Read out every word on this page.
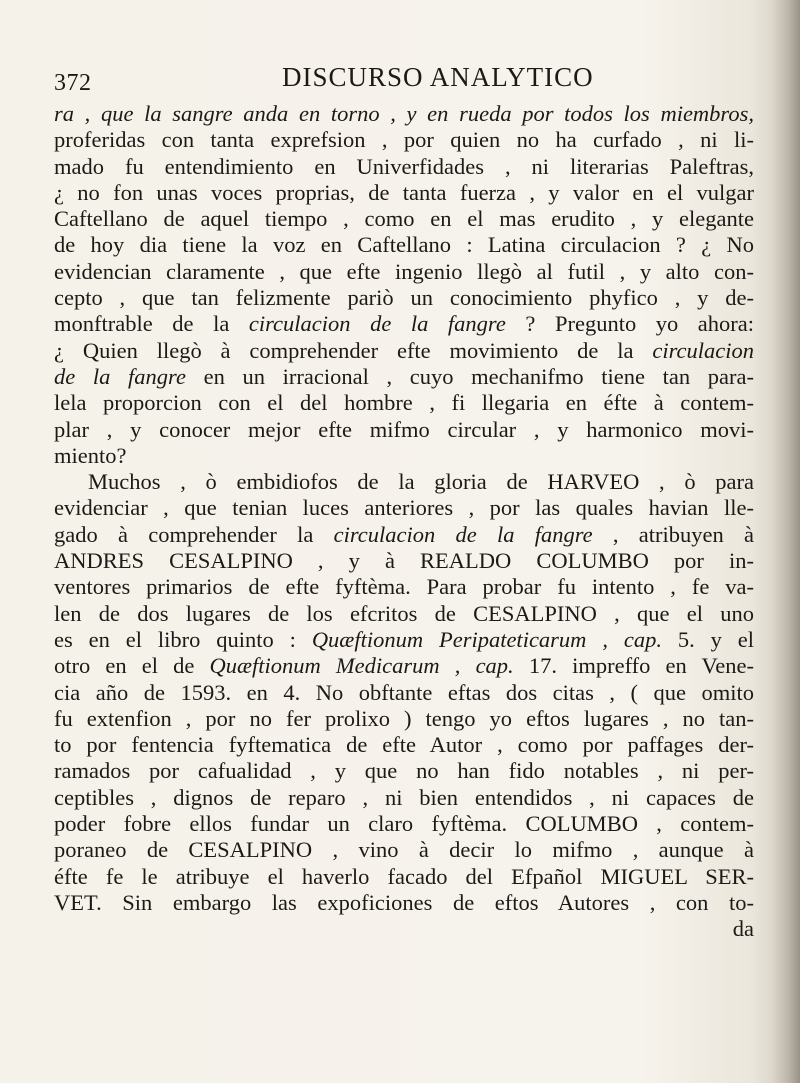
372	DISCURSO ANALYTICO
ra , que la sangre anda en torno , y en rueda por todos los miembros,
proferidas con tanta exprefsion , por quien no ha curfado , ni li-
mado fu entendimiento en Univerfidades , ni literarias Paleftras,
¿ no fon unas voces proprias, de tanta fuerza , y valor en el vulgar
Caftellano de aquel tiempo , como en el mas erudito , y elegante
de hoy dia tiene la voz en Caftellano : Latina circulacion ? ¿ No
evidencian claramente , que efte ingenio llegò al futil , y alto con-
cepto , que tan felizmente pariò un conocimiento phyfico , y de-
monftrable de la circulacion de la fangre ? Pregunto yo ahora:
¿ Quien llegò à comprehender efte movimiento de la circulacion
de la fangre en un irracional , cuyo mechanifmo tiene tan para-
lela proporcion con el del hombre , fi llegaria en éfte à contem-
plar , y conocer mejor efte mifmo circular , y harmonico movi-
miento?
Muchos , ò embidiofos de la gloria de HARVEO , ò para
evidenciar , que tenian luces anteriores , por las quales havian lle-
gado à comprehender la circulacion de la fangre , atribuyen à
ANDRES CESALPINO , y à REALDO COLUMBO por in-
ventores primarios de efte fyftèma. Para probar fu intento , fe va-
len de dos lugares de los efcritos de CESALPINO , que el uno
es en el libro quinto : Quæftionum Peripateticarum , cap. 5. y el
otro en el de Quæftionum Medicarum , cap. 17. impreffo en Vene-
cia año de 1593. en 4. No obftante eftas dos citas , ( que omito
fu extenfion , por no fer prolixo ) tengo yo eftos lugares , no tan-
to por fentencia fyftematica de efte Autor , como por paffages der-
ramados por cafualidad , y que no han fido notables , ni per-
ceptibles , dignos de reparo , ni bien entendidos , ni capaces de
poder fobre ellos fundar un claro fyftèma. COLUMBO , contem-
poraneo de CESALPINO , vino à decir lo mifmo , aunque à
éfte fe le atribuye el haverlo facado del Efpañol MIGUEL SER-
VET. Sin embargo las expoficiones de eftos Autores , con to-
da
